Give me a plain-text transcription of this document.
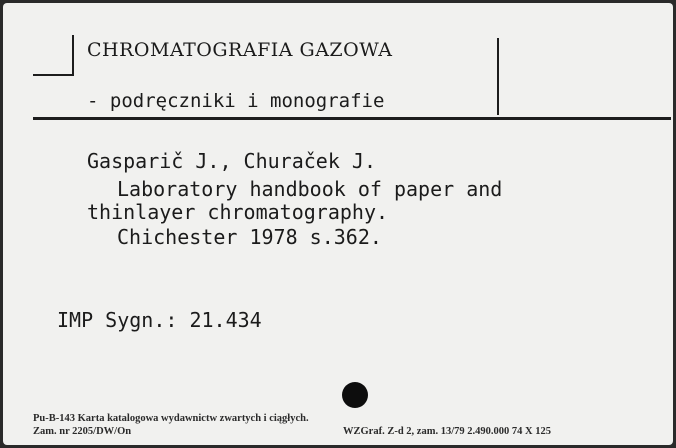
CHROMATOGRAFIA GAZOWA
- podręczniki i monografie
Gasparič J., Churaček J.
Laboratory handbook of paper and
thinlayer chromatography.
Chichester 1978 s.362.
IMP Sygn.: 21.434
Pu-B-143 Karta katalogowa wydawnictw zwartych i ciągłych.
Zam. nr 2205/DW/On	WZGraf. Z-d 2, zam. 13/79 2.490.000 74 X 125
